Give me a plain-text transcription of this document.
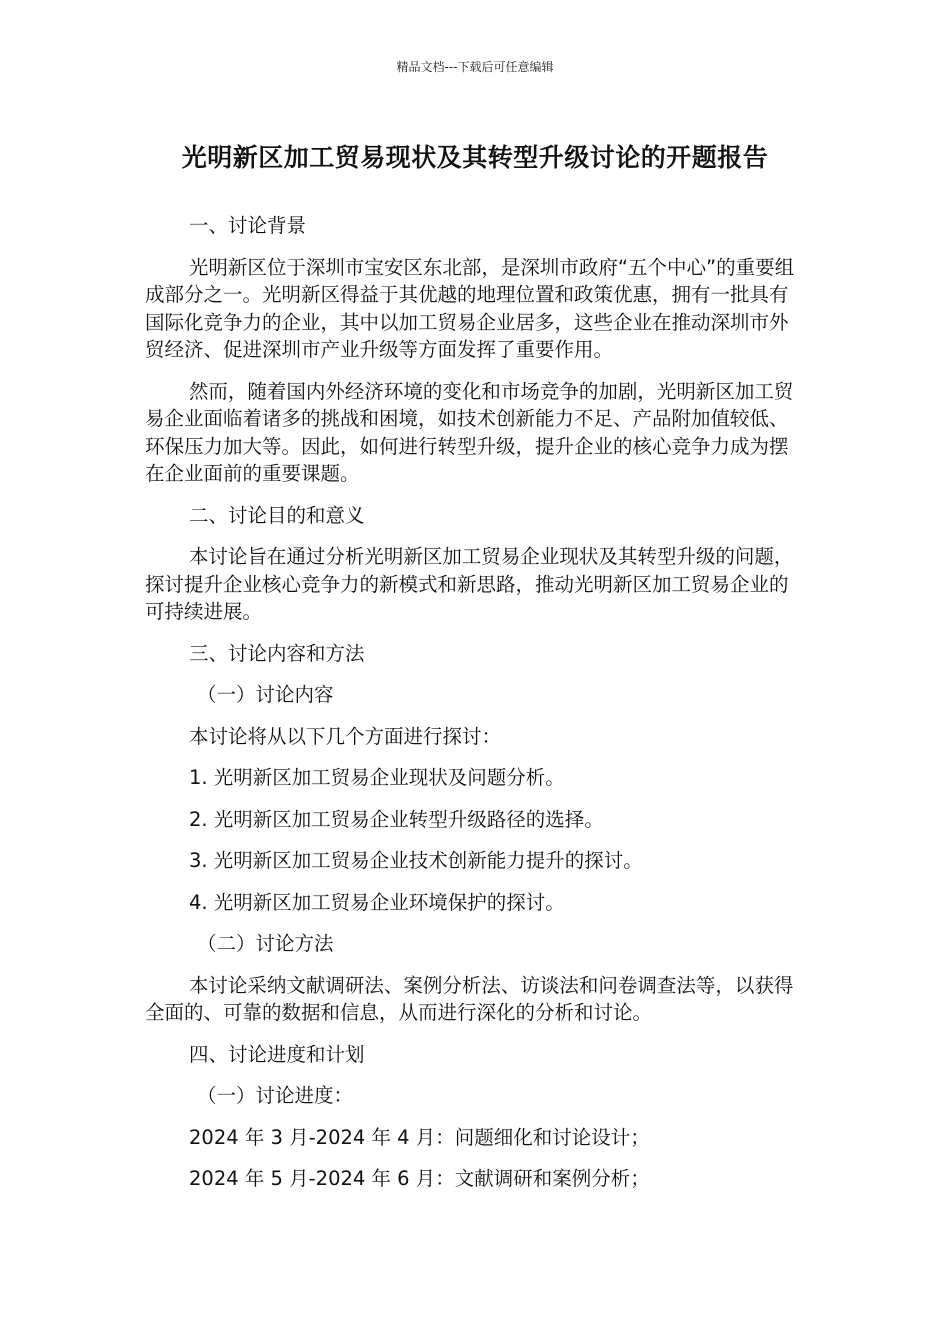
精品文档---下载后可任意编辑
光明新区加工贸易现状及其转型升级讨论的开题报告

一、讨论背景

光明新区位于深圳市宝安区东北部，是深圳市政府“五个中心”的重要组成部分之一。光明新区得益于其优越的地理位置和政策优惠，拥有一批具有国际化竞争力的企业，其中以加工贸易企业居多，这些企业在推动深圳市外贸经济、促进深圳市产业升级等方面发挥了重要作用。

然而，随着国内外经济环境的变化和市场竞争的加剧，光明新区加工贸易企业面临着诸多的挑战和困境，如技术创新能力不足、产品附加值较低、环保压力加大等。因此，如何进行转型升级，提升企业的核心竞争力成为摆在企业面前的重要课题。

二、讨论目的和意义

本讨论旨在通过分析光明新区加工贸易企业现状及其转型升级的问题，探讨提升企业核心竞争力的新模式和新思路，推动光明新区加工贸易企业的可持续进展。

三、讨论内容和方法

（一）讨论内容

本讨论将从以下几个方面进行探讨：

1. 光明新区加工贸易企业现状及问题分析。

2. 光明新区加工贸易企业转型升级路径的选择。

3. 光明新区加工贸易企业技术创新能力提升的探讨。

4. 光明新区加工贸易企业环境保护的探讨。

（二）讨论方法

本讨论采纳文献调研法、案例分析法、访谈法和问卷调查法等，以获得全面的、可靠的数据和信息，从而进行深化的分析和讨论。

四、讨论进度和计划

（一）讨论进度：

2024 年 3 月-2024 年 4 月：问题细化和讨论设计；

2024 年 5 月-2024 年 6 月：文献调研和案例分析；
